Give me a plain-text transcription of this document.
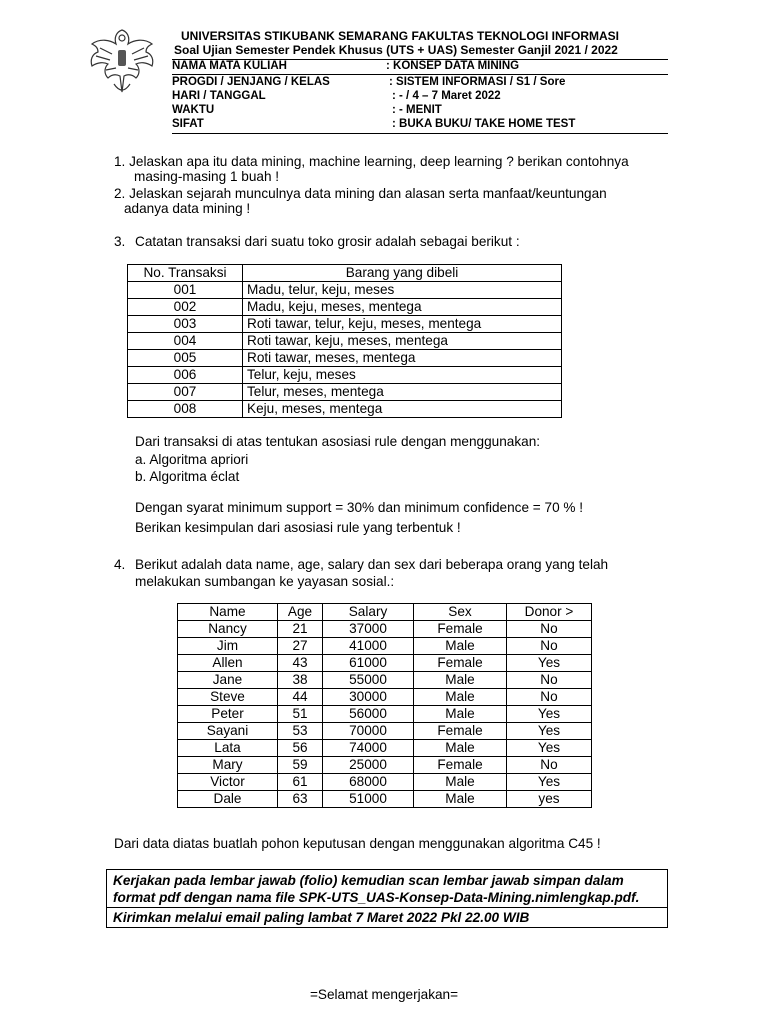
UNIVERSITAS STIKUBANK SEMARANG FAKULTAS TEKNOLOGI INFORMASI
Soal Ujian Semester Pendek Khusus (UTS + UAS) Semester Ganjil 2021 / 2022
NAMA MATA KULIAH	: KONSEP DATA MINING
PROGDI / JENJANG / KELAS	: SISTEM INFORMASI / S1 / Sore
HARI / TANGGAL	: - / 4 – 7 Maret 2022
WAKTU	: - MENIT
SIFAT	: BUKA BUKU/ TAKE HOME TEST
1. Jelaskan apa itu data mining, machine learning, deep learning ? berikan contohnya
masing-masing 1 buah !
2. Jelaskan sejarah munculnya data mining dan alasan serta manfaat/keuntungan
adanya data mining !
3. Catatan transaksi dari suatu toko grosir adalah sebagai berikut :
No. Transaksi	Barang yang dibeli
001	Madu, telur, keju, meses
002	Madu, keju, meses, mentega
003	Roti tawar, telur, keju, meses, mentega
004	Roti tawar, keju, meses, mentega
005	Roti tawar, meses, mentega
006	Telur, keju, meses
007	Telur, meses, mentega
008	Keju, meses, mentega
Dari transaksi di atas tentukan asosiasi rule dengan menggunakan:
a. Algoritma apriori
b. Algoritma éclat
Dengan syarat minimum support = 30% dan minimum confidence = 70 % !
Berikan kesimpulan dari asosiasi rule yang terbentuk !
4. Berikut adalah data name, age, salary dan sex dari beberapa orang yang telah
melakukan sumbangan ke yayasan sosial.:
Name	Age	Salary	Sex	Donor >
Nancy	21	37000	Female	No
Jim	27	41000	Male	No
Allen	43	61000	Female	Yes
Jane	38	55000	Male	No
Steve	44	30000	Male	No
Peter	51	56000	Male	Yes
Sayani	53	70000	Female	Yes
Lata	56	74000	Male	Yes
Mary	59	25000	Female	No
Victor	61	68000	Male	Yes
Dale	63	51000	Male	yes
Dari data diatas buatlah pohon keputusan dengan menggunakan algoritma C45 !
Kerjakan pada lembar jawab (folio) kemudian scan lembar jawab simpan dalam format pdf dengan nama file SPK-UTS_UAS-Konsep-Data-Mining.nimlengkap.pdf.
Kirimkan melalui email paling lambat 7 Maret 2022 Pkl 22.00 WIB
=Selamat mengerjakan=
